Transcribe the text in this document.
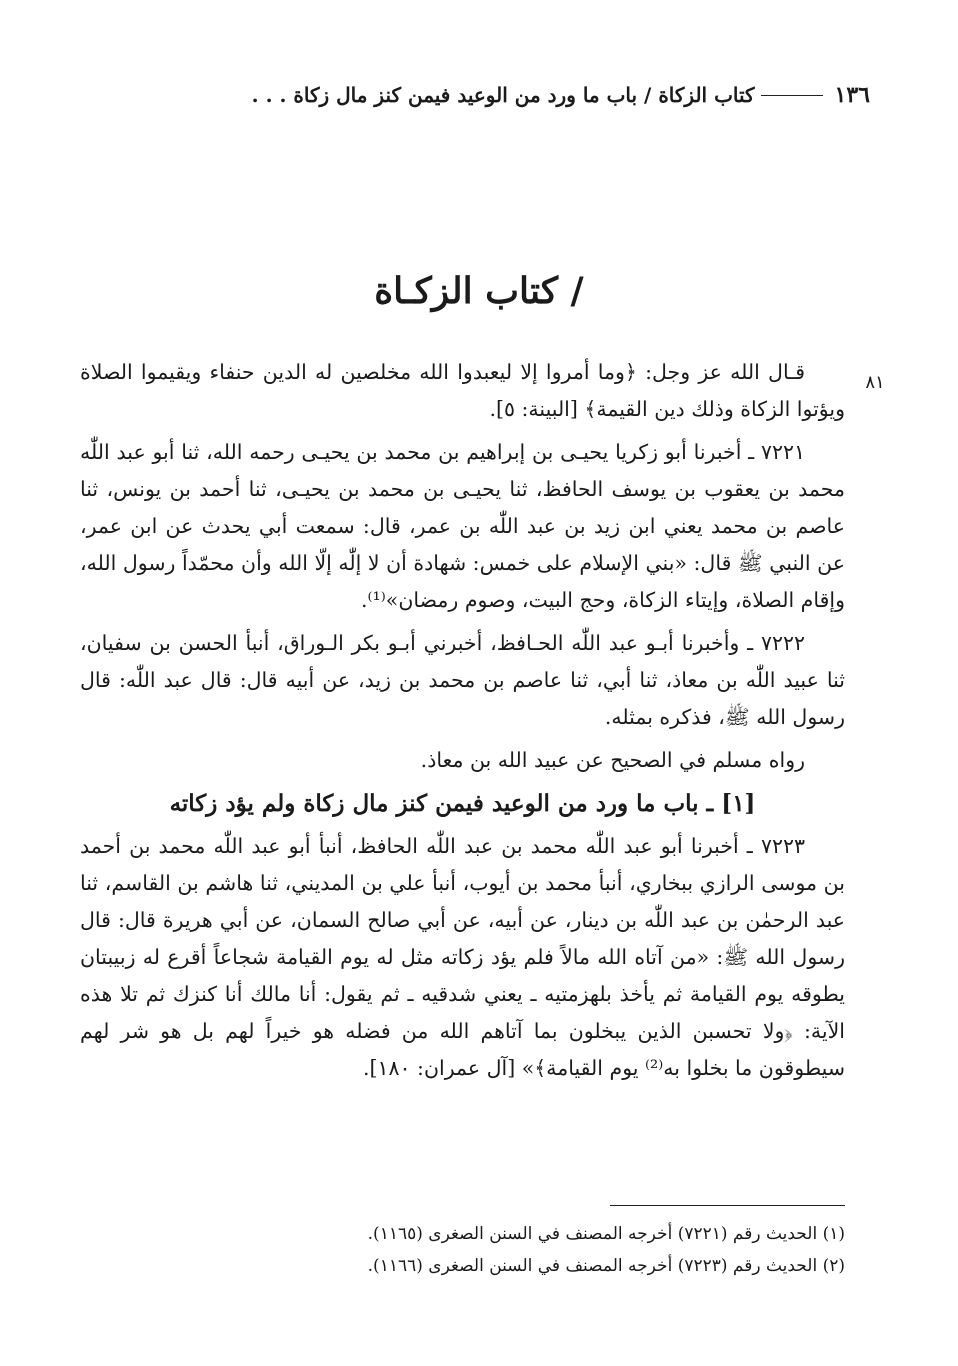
١٣٦
كتاب الزكاة / باب ما ورد من الوعيد فيمن كنز مال زكاة . . .
/ كتاب الزكـاة
٨١

قـال الله عز وجل: ﴿وما أمروا إلا ليعبدوا الله مخلصين له الدين حنفاء ويقيموا الصلاة ويؤتوا الزكاة وذلك دين القيمة﴾ [البينة: ٥].

٧٢٢١ ـ أخبرنا أبو زكريا يحيـى بن إبراهيم بن محمد بن يحيـى رحمه الله، ثنا أبو عبد اللّٰه محمد بن يعقوب بن يوسف الحافظ، ثنا يحيـى بن محمد بن يحيـى، ثنا أحمد بن يونس، ثنا عاصم بن محمد يعني ابن زيد بن عبد اللّٰه بن عمر، قال: سمعت أبي يحدث عن ابن عمر، عن النبي ﷺ قال: «بني الإسلام على خمس: شهادة أن لا إلّٰه إلّا الله وأن محمّداً رسول الله، وإقام الصلاة، وإيتاء الزكاة، وحج البيت، وصوم رمضان»⁽¹⁾.

٧٢٢٢ ـ وأخبرنا أبـو عبد اللّٰه الحـافظ، أخبرني أبـو بكر الـوراق، أنبأ الحسن بن سفيان، ثنا عبيد اللّٰه بن معاذ، ثنا أبي، ثنا عاصم بن محمد بن زيد، عن أبيه قال: قال عبد اللّٰه: قال رسول الله ﷺ، فذكره بمثله.

رواه مسلم في الصحيح عن عبيد الله بن معاذ.

[١] ـ باب ما ورد من الوعيد فيمن كنز مال زكاة ولم يؤد زكاته

٧٢٢٣ ـ أخبرنا أبو عبد اللّٰه محمد بن عبد اللّٰه الحافظ، أنبأ أبو عبد اللّٰه محمد بن أحمد بن موسى الرازي ببخاري، أنبأ محمد بن أيوب، أنبأ علي بن المديني، ثنا هاشم بن القاسم، ثنا عبد الرحمٰن بن عبد اللّٰه بن دينار، عن أبيه، عن أبي صالح السمان، عن أبي هريرة قال: قال رسول الله ﷺ: «من آتاه الله مالاً فلم يؤد زكاته مثل له يوم القيامة شجاعاً أقرع له زبيبتان يطوقه يوم القيامة ثم يأخذ بلهزمتيه ـ يعني شدقيه ـ ثم يقول: أنا مالك أنا كنزك ثم تلا هذه الآية: ﴿ولا تحسبن الذين يبخلون بما آتاهم الله من فضله هو خيراً لهم بل هو شر لهم سيطوقون ما بخلوا به⁽²⁾ يوم القيامة﴾» [آل عمران: ١٨٠].

(١) الحديث رقم (٧٢٢١) أخرجه المصنف في السنن الصغرى (١١٦٥).
(٢) الحديث رقم (٧٢٢٣) أخرجه المصنف في السنن الصغرى (١١٦٦).
